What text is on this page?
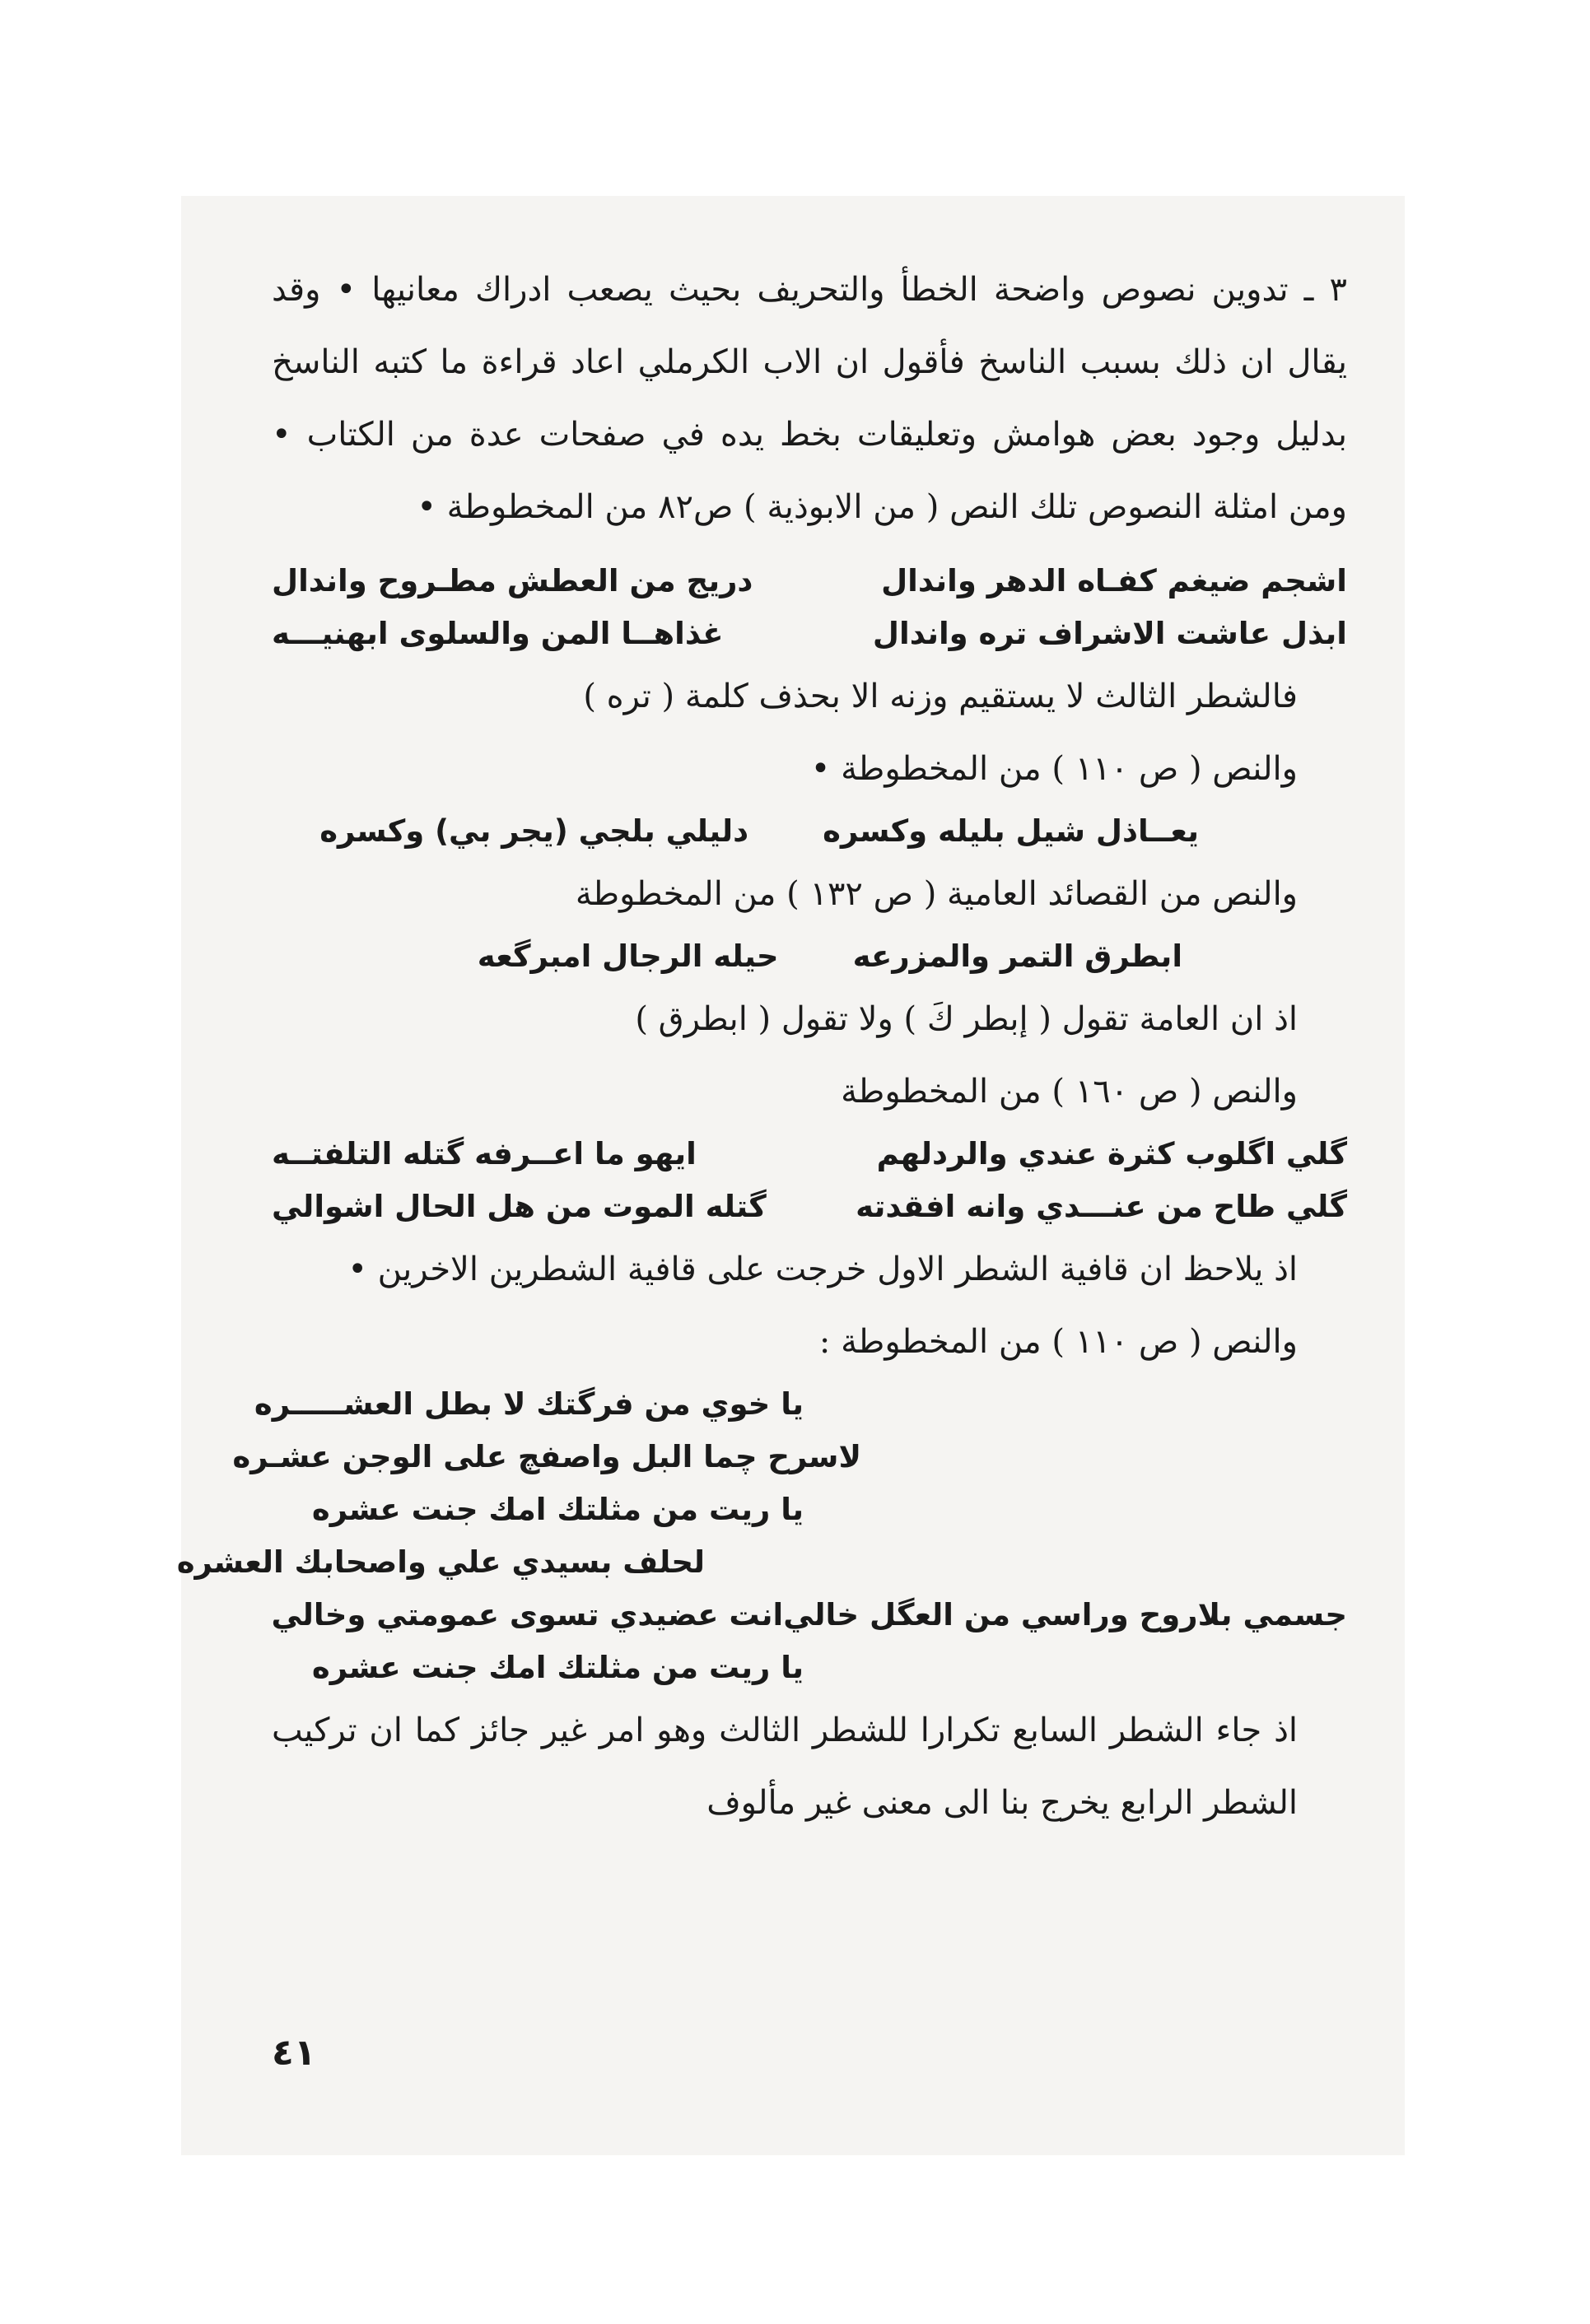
٣ ـ تدوين نصوص واضحة الخطأ والتحريف بحيث يصعب ادراك معانيها • وقد يقال ان ذلك بسبب الناسخ فأقول ان الاب الكرملي اعاد قراءة ما كتبه الناسخ بدليل وجود بعض هوامش وتعليقات بخط يده في صفحات عدة من الكتاب • ومن امثلة النصوص تلك النص ( من الابوذية ) ص٨٢ من المخطوطة •

اشجم ضيغم كفـاه الدهر واندال
دريج من العطش مطـروح واندال
ابذل عاشت الاشراف تره واندال
غذاهــا المن والسلوى ابهنيـــه

فالشطر الثالث لا يستقيم وزنه الا بحذف كلمة ( تره )

والنص ( ص ١١٠ ) من المخطوطة •

يعــاذل شيل بليله وكسره
دليلي بلجي (يجر بي) وكسره

والنص من القصائد العامية ( ص ١٣٢ ) من المخطوطة

ابطرق التمر والمزرعه
حيله الرجال امبرگعه

اذ ان العامة تقول ( إبطر كَ ) ولا تقول ( ابطرق )

والنص ( ص ١٦٠ ) من المخطوطة

گلي اگلوب كثرة عندي والردلهم
ايهو ما اعــرفه گتله التلفتــه
گلي طاح من عنـــدي وانه افقدته
گتله الموت من هل الحال اشوالي

اذ يلاحظ ان قافية الشطر الاول خرجت على قافية الشطرين الاخرين •

والنص ( ص ١١٠ ) من المخطوطة :

يا خوي من فرگتك لا بطل العشـــــره
لاسرح چما البل واصفچ على الوجن عشـره
يا ريت من مثلتك امك جنت عشره
لحلف بسيدي علي واصحابك العشره
جسمي بلاروح وراسي من العگل خالي
انت عضيدي تسوى عمومتي وخالي
يا ريت من مثلتك امك جنت عشره

اذ جاء الشطر السابع تكرارا للشطر الثالث وهو امر غير جائز كما ان تركيب الشطر الرابع يخرج بنا الى معنى غير مألوف

٤١
